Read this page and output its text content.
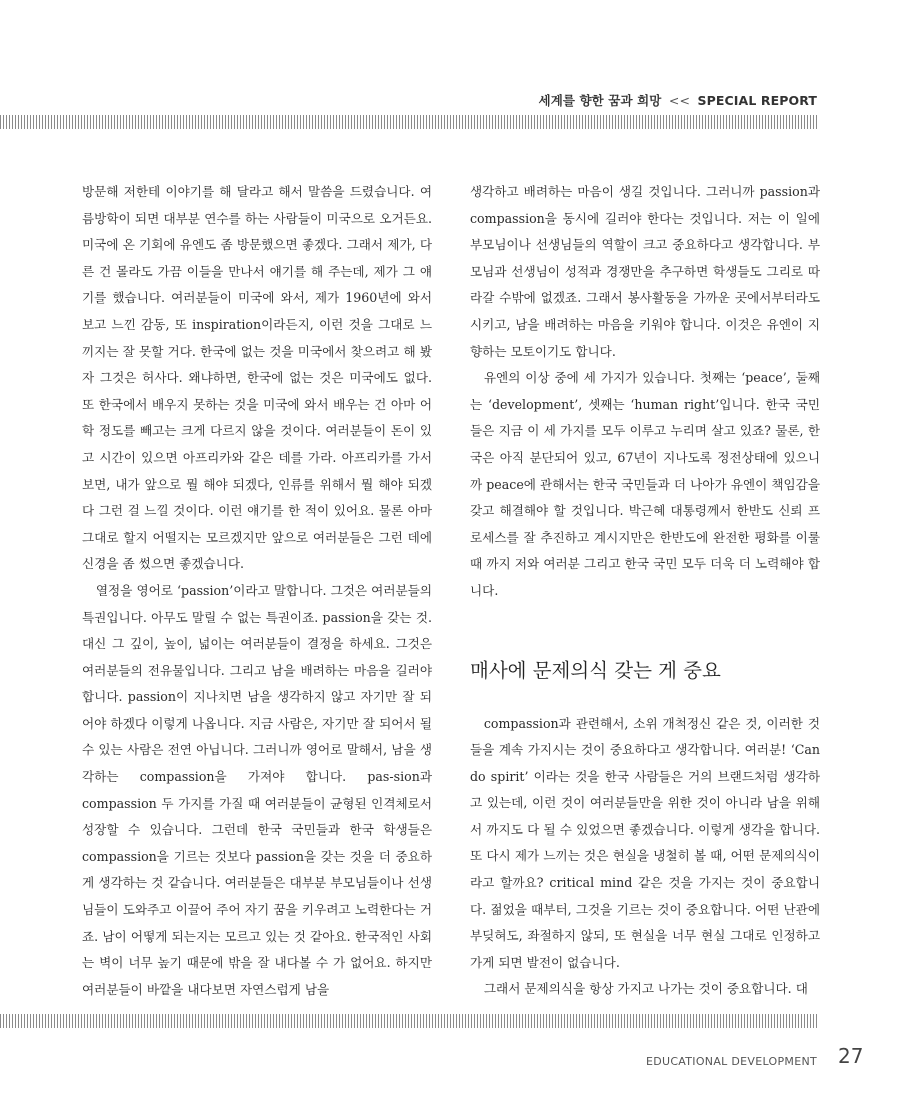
세계를 향한 꿈과 희망 << SPECIAL REPORT

방문해 저한테 이야기를 해 달라고 해서 말씀을 드렸습니다. 여름방학이 되면 대부분 연수를 하는 사람들이 미국으로 오거든요. 미국에 온 기회에 유엔도 좀 방문했으면 좋겠다. 그래서 제가, 다른 건 몰라도 가끔 이들을 만나서 얘기를 해 주는데, 제가 그 얘기를 했습니다. 여러분들이 미국에 와서, 제가 1960년에 와서 보고 느낀 감동, 또 inspiration이라든지, 이런 것을 그대로 느끼지는 잘 못할 거다. 한국에 없는 것을 미국에서 찾으려고 해 봤자 그것은 허사다. 왜냐하면, 한국에 없는 것은 미국에도 없다. 또 한국에서 배우지 못하는 것을 미국에 와서 배우는 건 아마 어학 정도를 빼고는 크게 다르지 않을 것이다. 여러분들이 돈이 있고 시간이 있으면 아프리카와 같은 데를 가라. 아프리카를 가서 보면, 내가 앞으로 뭘 해야 되겠다, 인류를 위해서 뭘 해야 되겠다 그런 걸 느낄 것이다. 이런 얘기를 한 적이 있어요. 물론 아마 그대로 할지 어떨지는 모르겠지만 앞으로 여러분들은 그런 데에 신경을 좀 썼으면 좋겠습니다.

열정을 영어로 ‘passion’이라고 말합니다. 그것은 여러분들의 특권입니다. 아무도 말릴 수 없는 특권이죠. passion을 갖는 것. 대신 그 깊이, 높이, 넓이는 여러분들이 결정을 하세요. 그것은 여러분들의 전유물입니다. 그리고 남을 배려하는 마음을 길러야 합니다. passion이 지나치면 남을 생각하지 않고 자기만 잘 되어야 하겠다 이렇게 나옵니다. 지금 사람은, 자기만 잘 되어서 될 수 있는 사람은 전연 아닙니다. 그러니까 영어로 말해서, 남을 생각하는 compassion을 가져야 합니다. pas-sion과 compassion 두 가지를 가질 때 여러분들이 균형된 인격체로서 성장할 수 있습니다. 그런데 한국 국민들과 한국 학생들은 compassion을 기르는 것보다 passion을 갖는 것을 더 중요하게 생각하는 것 같습니다. 여러분들은 대부분 부모님들이나 선생님들이 도와주고 이끌어 주어 자기 꿈을 키우려고 노력한다는 거죠. 남이 어떻게 되는지는 모르고 있는 것 같아요. 한국적인 사회는 벽이 너무 높기 때문에 밖을 잘 내다볼 수 가 없어요. 하지만 여러분들이 바깥을 내다보면 자연스럽게 남을

생각하고 배려하는 마음이 생길 것입니다. 그러니까 passion과 compassion을 동시에 길러야 한다는 것입니다. 저는 이 일에 부모님이나 선생님들의 역할이 크고 중요하다고 생각합니다. 부모님과 선생님이 성적과 경쟁만을 추구하면 학생들도 그리로 따라갈 수밖에 없겠죠. 그래서 봉사활동을 가까운 곳에서부터라도 시키고, 남을 배려하는 마음을 키워야 합니다. 이것은 유엔이 지향하는 모토이기도 합니다.

유엔의 이상 중에 세 가지가 있습니다. 첫째는 ‘peace’, 둘째는 ‘development’, 셋째는 ‘human right’입니다. 한국 국민들은 지금 이 세 가지를 모두 이루고 누리며 살고 있죠? 물론, 한국은 아직 분단되어 있고, 67년이 지나도록 정전상태에 있으니까 peace에 관해서는 한국 국민들과 더 나아가 유엔이 책임감을 갖고 해결해야 할 것입니다. 박근혜 대통령께서 한반도 신뢰 프로세스를 잘 추진하고 계시지만은 한반도에 완전한 평화를 이룰 때 까지 저와 여러분 그리고 한국 국민 모두 더욱 더 노력해야 합니다.

매사에 문제의식 갖는 게 중요

compassion과 관련해서, 소위 개척정신 같은 것, 이러한 것들을 계속 가지시는 것이 중요하다고 생각합니다. 여러분! ‘Can do spirit’ 이라는 것을 한국 사람들은 거의 브랜드처럼 생각하고 있는데, 이런 것이 여러분들만을 위한 것이 아니라 남을 위해서 까지도 다 될 수 있었으면 좋겠습니다. 이렇게 생각을 합니다. 또 다시 제가 느끼는 것은 현실을 냉철히 볼 때, 어떤 문제의식이라고 할까요? critical mind 같은 것을 가지는 것이 중요합니다. 젊었을 때부터, 그것을 기르는 것이 중요합니다. 어떤 난관에 부딪혀도, 좌절하지 않되, 또 현실을 너무 현실 그대로 인정하고 가게 되면 발전이 없습니다.

그래서 문제의식을 항상 가지고 나가는 것이 중요합니다. 대

EDUCATIONAL DEVELOPMENT 27
